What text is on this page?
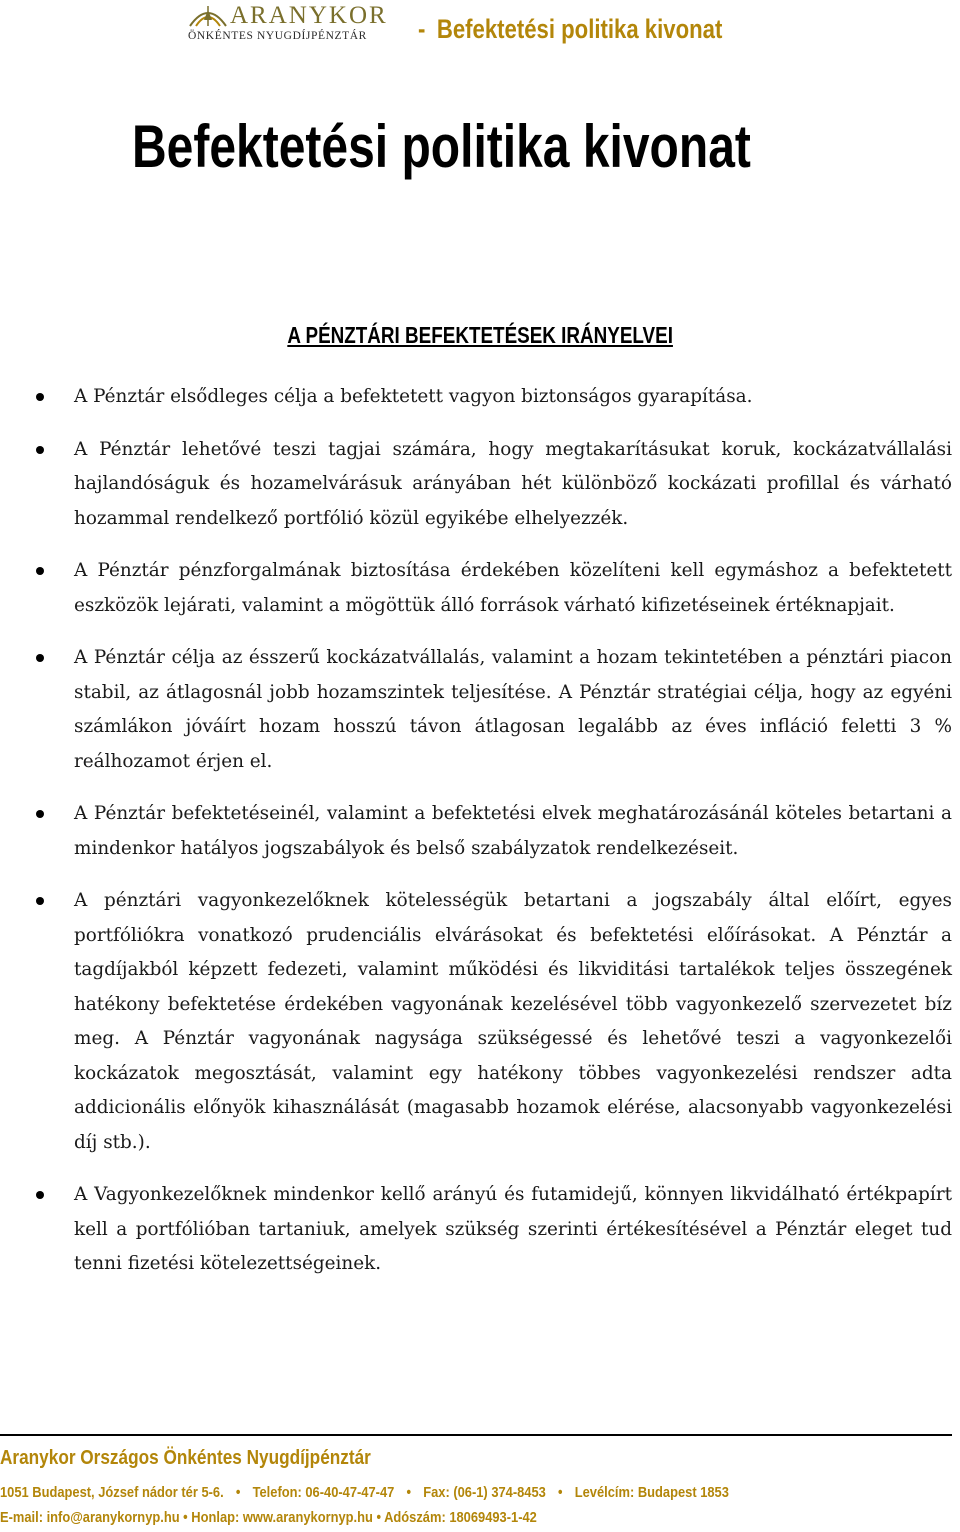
ARANYKOR
ÖNKÉNTES NYUGDÍJPÉNZTÁR - Befektetési politika kivonat
Befektetési politika kivonat
A PÉNZTÁRI BEFEKTETÉSEK IRÁNYELVEI
A Pénztár elsődleges célja a befektetett vagyon biztonságos gyarapítása.
A Pénztár lehetővé teszi tagjai számára, hogy megtakarításukat koruk, kockázatvállalási hajlandóságuk és hozamelvárásuk arányában hét különböző kockázati profillal és várható hozammal rendelkező portfólió közül egyikébe elhelyezzék.
A Pénztár pénzforgalmának biztosítása érdekében közelíteni kell egymáshoz a befektetett eszközök lejárati, valamint a mögöttük álló források várható kifizetéseinek értéknapjait.
A Pénztár célja az ésszerű kockázatvállalás, valamint a hozam tekintetében a pénztári piacon stabil, az átlagosnál jobb hozamszintek teljesítése. A Pénztár stratégiai célja, hogy az egyéni számlákon jóváírt hozam hosszú távon átlagosan legalább az éves infláció feletti 3 % reálhozamot érjen el.
A Pénztár befektetéseinél, valamint a befektetési elvek meghatározásánál köteles betartani a mindenkor hatályos jogszabályok és belső szabályzatok rendelkezéseit.
A pénztári vagyonkezelőknek kötelességük betartani a jogszabály által előírt, egyes portfóliókra vonatkozó prudenciális elvárásokat és befektetési előírásokat. A Pénztár a tagdíjakból képzett fedezeti, valamint működési és likviditási tartalékok teljes összegének hatékony befektetése érdekében vagyonának kezelésével több vagyonkezelő szervezetet bíz meg. A Pénztár vagyonának nagysága szükségessé és lehetővé teszi a vagyonkezelői kockázatok megosztását, valamint egy hatékony többes vagyonkezelési rendszer adta addicionális előnyök kihasználását (magasabb hozamok elérése, alacsonyabb vagyonkezelési díj stb.).
A Vagyonkezelőknek mindenkor kellő arányú és futamidejű, könnyen likvidálható értékpapírt kell a portfólióban tartaniuk, amelyek szükség szerinti értékesítésével a Pénztár eleget tud tenni fizetési kötelezettségeinek.
Aranykor Országos Önkéntes Nyugdíjpénztár
1051 Budapest, József nádor tér 5-6. • Telefon: 06-40-47-47-47 • Fax: (06-1) 374-8453 • Levélcím: Budapest 1853
E-mail: info@aranykornyp.hu • Honlap: www.aranykornyp.hu • Adószám: 18069493-1-42
